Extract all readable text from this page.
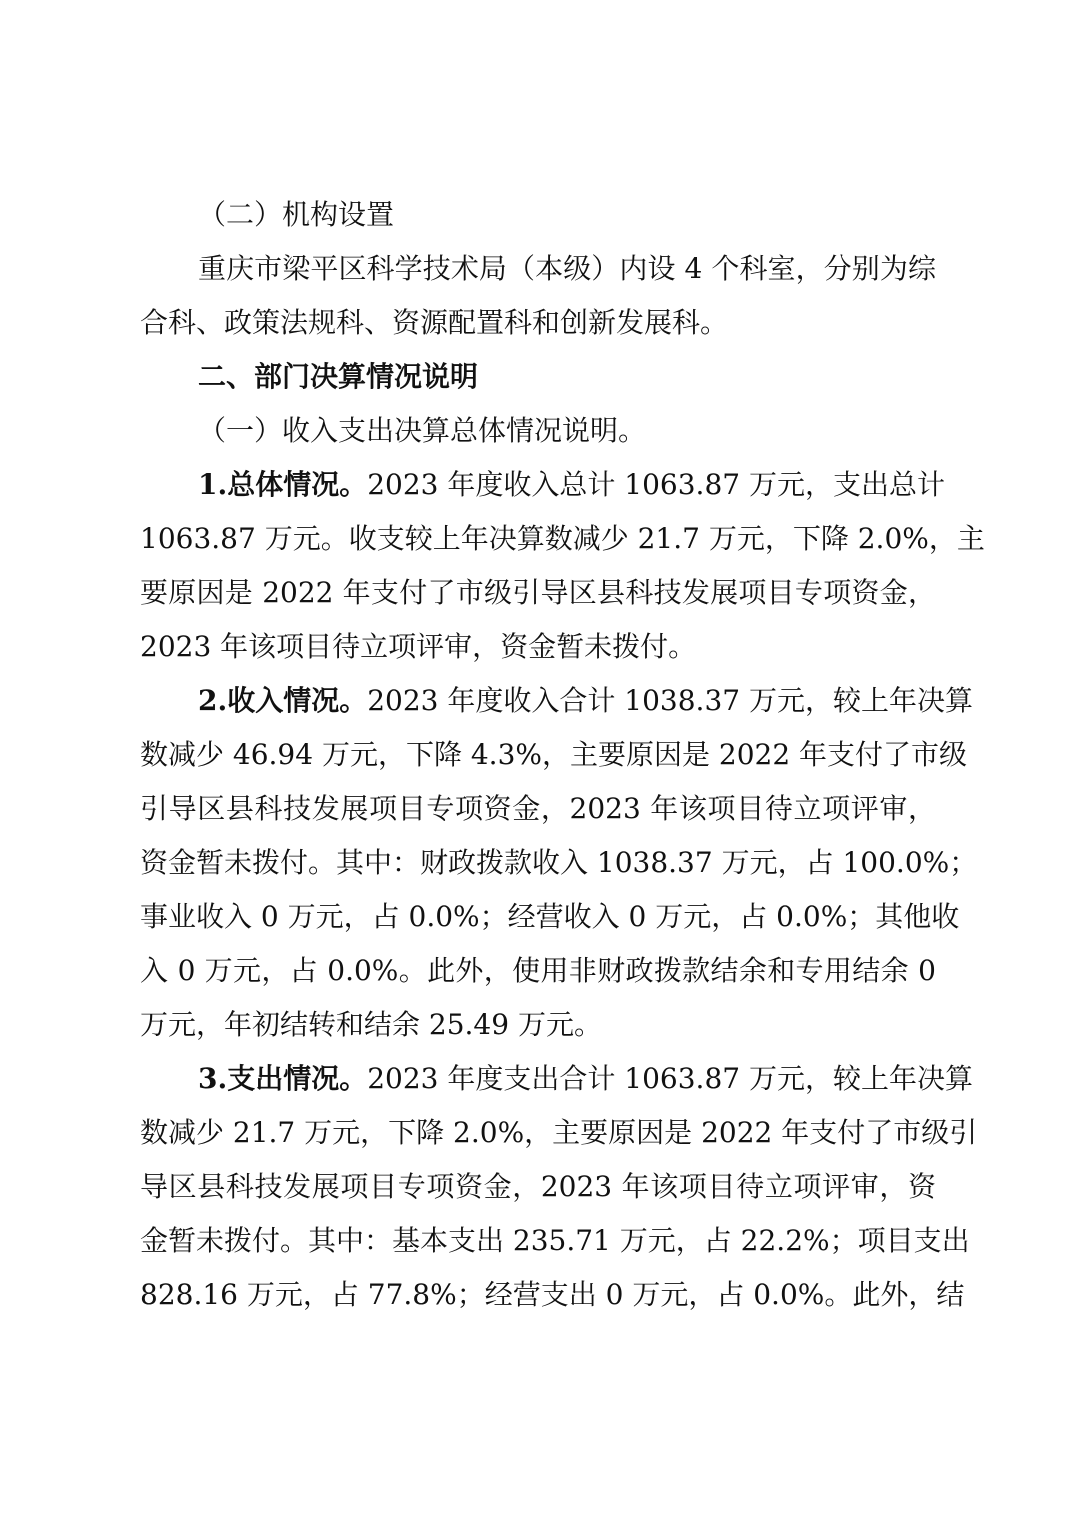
（二）机构设置
重庆市梁平区科学技术局（本级）内设 4 个科室，分别为综
合科、政策法规科、资源配置科和创新发展科。
二、部门决算情况说明
（一）收入支出决算总体情况说明。
1.总体情况。2023 年度收入总计 1063.87 万元，支出总计
1063.87 万元。收支较上年决算数减少 21.7 万元，下降 2.0%，主
要原因是 2022 年支付了市级引导区县科技发展项目专项资金，
2023 年该项目待立项评审，资金暂未拨付。
2.收入情况。2023 年度收入合计 1038.37 万元，较上年决算
数减少 46.94 万元，下降 4.3%，主要原因是 2022 年支付了市级
引导区县科技发展项目专项资金，2023 年该项目待立项评审，
资金暂未拨付。其中：财政拨款收入 1038.37 万元，占 100.0%；
事业收入 0 万元，占 0.0%；经营收入 0 万元，占 0.0%；其他收
入 0 万元，占 0.0%。此外，使用非财政拨款结余和专用结余 0
万元，年初结转和结余 25.49 万元。
3.支出情况。2023 年度支出合计 1063.87 万元，较上年决算
数减少 21.7 万元，下降 2.0%，主要原因是 2022 年支付了市级引
导区县科技发展项目专项资金，2023 年该项目待立项评审，资
金暂未拨付。其中：基本支出 235.71 万元，占 22.2%；项目支出
828.16 万元，占 77.8%；经营支出 0 万元，占 0.0%。此外，结
